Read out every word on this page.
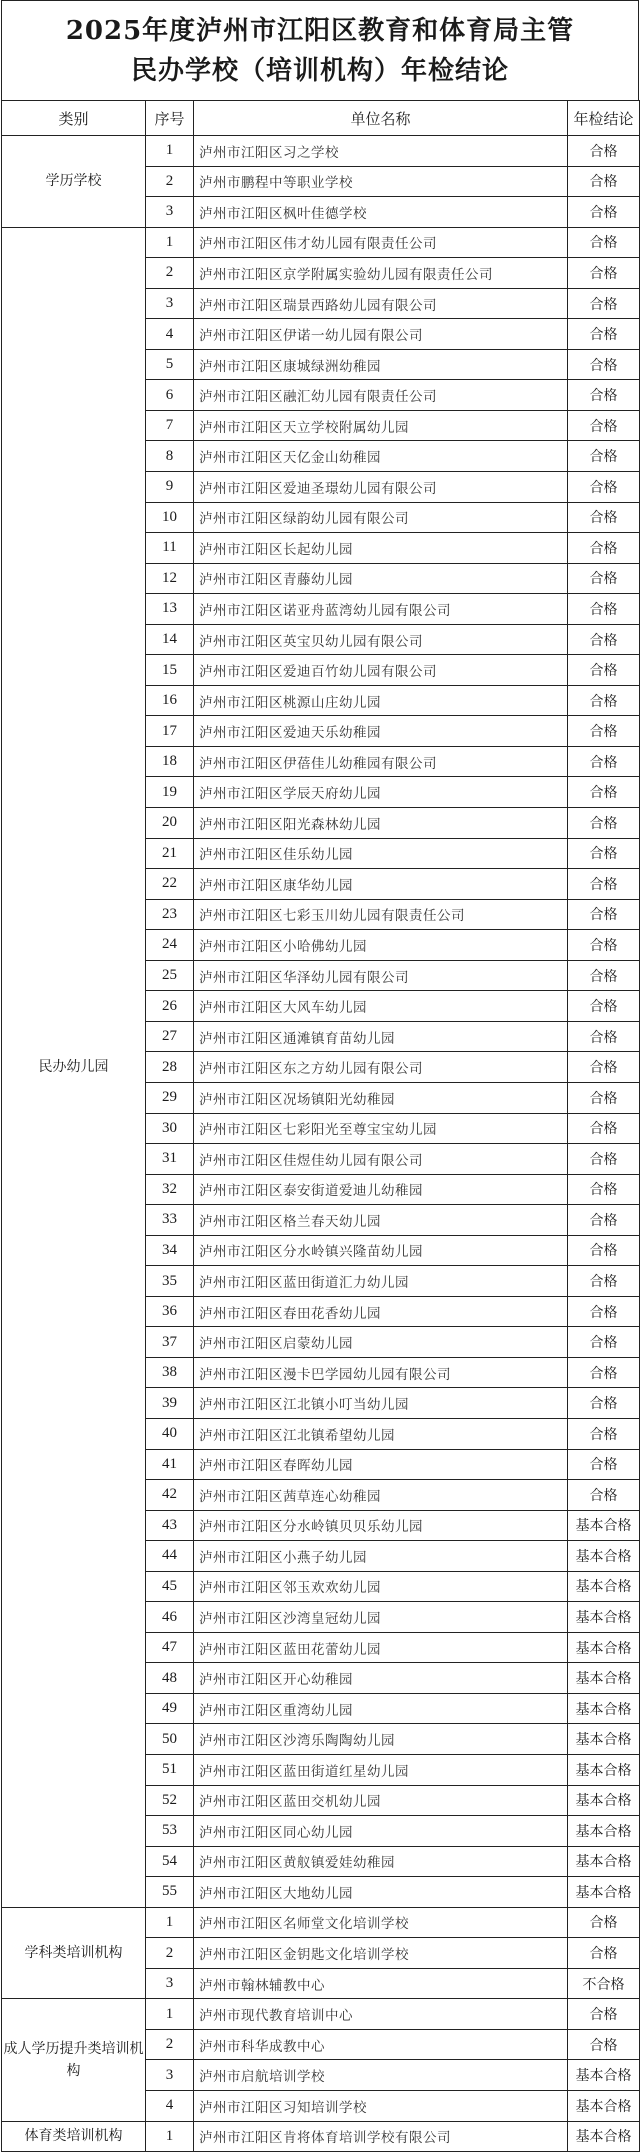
2025年度泸州市江阳区教育和体育局主管
民办学校（培训机构）年检结论
类别	序号	单位名称	年检结论
学历学校	1	泸州市江阳区习之学校	合格
	2	泸州市鹏程中等职业学校	合格
	3	泸州市江阳区枫叶佳德学校	合格
民办幼儿园	1	泸州市江阳区伟才幼儿园有限责任公司	合格
	2	泸州市江阳区京学附属实验幼儿园有限责任公司	合格
	3	泸州市江阳区瑞景西路幼儿园有限公司	合格
	4	泸州市江阳区伊诺一幼儿园有限公司	合格
	5	泸州市江阳区康城绿洲幼稚园	合格
	6	泸州市江阳区融汇幼儿园有限责任公司	合格
	7	泸州市江阳区天立学校附属幼儿园	合格
	8	泸州市江阳区天亿金山幼稚园	合格
	9	泸州市江阳区爱迪圣璟幼儿园有限公司	合格
	10	泸州市江阳区绿韵幼儿园有限公司	合格
	11	泸州市江阳区长起幼儿园	合格
	12	泸州市江阳区青藤幼儿园	合格
	13	泸州市江阳区诺亚舟蓝湾幼儿园有限公司	合格
	14	泸州市江阳区英宝贝幼儿园有限公司	合格
	15	泸州市江阳区爱迪百竹幼儿园有限公司	合格
	16	泸州市江阳区桃源山庄幼儿园	合格
	17	泸州市江阳区爱迪天乐幼稚园	合格
	18	泸州市江阳区伊蓓佳儿幼稚园有限公司	合格
	19	泸州市江阳区学辰天府幼儿园	合格
	20	泸州市江阳区阳光森林幼儿园	合格
	21	泸州市江阳区佳乐幼儿园	合格
	22	泸州市江阳区康华幼儿园	合格
	23	泸州市江阳区七彩玉川幼儿园有限责任公司	合格
	24	泸州市江阳区小哈佛幼儿园	合格
	25	泸州市江阳区华泽幼儿园有限公司	合格
	26	泸州市江阳区大风车幼儿园	合格
	27	泸州市江阳区通滩镇育苗幼儿园	合格
	28	泸州市江阳区东之方幼儿园有限公司	合格
	29	泸州市江阳区况场镇阳光幼稚园	合格
	30	泸州市江阳区七彩阳光至尊宝宝幼儿园	合格
	31	泸州市江阳区佳煜佳幼儿园有限公司	合格
	32	泸州市江阳区泰安街道爱迪儿幼稚园	合格
	33	泸州市江阳区格兰春天幼儿园	合格
	34	泸州市江阳区分水岭镇兴隆苗幼儿园	合格
	35	泸州市江阳区蓝田街道汇力幼儿园	合格
	36	泸州市江阳区春田花香幼儿园	合格
	37	泸州市江阳区启蒙幼儿园	合格
	38	泸州市江阳区漫卡巴学园幼儿园有限公司	合格
	39	泸州市江阳区江北镇小叮当幼儿园	合格
	40	泸州市江阳区江北镇希望幼儿园	合格
	41	泸州市江阳区春晖幼儿园	合格
	42	泸州市江阳区茜草连心幼稚园	合格
	43	泸州市江阳区分水岭镇贝贝乐幼儿园	基本合格
	44	泸州市江阳区小燕子幼儿园	基本合格
	45	泸州市江阳区邻玉欢欢幼儿园	基本合格
	46	泸州市江阳区沙湾皇冠幼儿园	基本合格
	47	泸州市江阳区蓝田花蕾幼儿园	基本合格
	48	泸州市江阳区开心幼稚园	基本合格
	49	泸州市江阳区重湾幼儿园	基本合格
	50	泸州市江阳区沙湾乐陶陶幼儿园	基本合格
	51	泸州市江阳区蓝田街道红星幼儿园	基本合格
	52	泸州市江阳区蓝田交机幼儿园	基本合格
	53	泸州市江阳区同心幼儿园	基本合格
	54	泸州市江阳区黄舣镇爱娃幼稚园	基本合格
	55	泸州市江阳区大地幼儿园	基本合格
学科类培训机构	1	泸州市江阳区名师堂文化培训学校	合格
	2	泸州市江阳区金钥匙文化培训学校	合格
	3	泸州市翰林辅教中心	不合格
成人学历提升类培训机构	1	泸州市现代教育培训中心	合格
	2	泸州市科华成教中心	合格
	3	泸州市启航培训学校	基本合格
	4	泸州市江阳区习知培训学校	基本合格
体育类培训机构	1	泸州市江阳区肯将体育培训学校有限公司	基本合格
